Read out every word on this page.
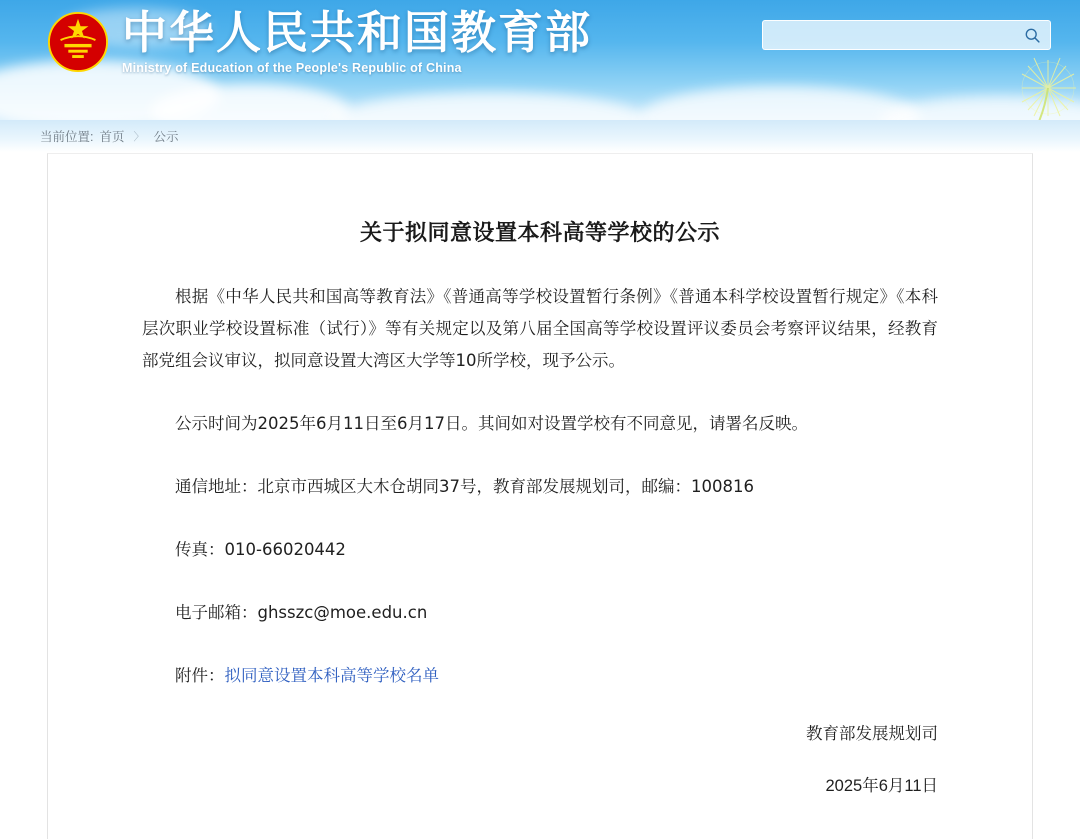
中华人民共和国教育部
Ministry of Education of the People's Republic of China
当前位置: 首页 〉 公示
关于拟同意设置本科高等学校的公示

根据《中华人民共和国高等教育法》《普通高等学校设置暂行条例》《普通本科学校设置暂行规定》《本科层次职业学校设置标准（试行）》等有关规定以及第八届全国高等学校设置评议委员会考察评议结果，经教育部党组会议审议，拟同意设置大湾区大学等10所学校，现予公示。

公示时间为2025年6月11日至6月17日。其间如对设置学校有不同意见，请署名反映。

通信地址：北京市西城区大木仓胡同37号，教育部发展规划司，邮编：100816

传真：010-66020442

电子邮箱：ghsszc@moe.edu.cn

附件：拟同意设置本科高等学校名单

教育部发展规划司
2025年6月11日
